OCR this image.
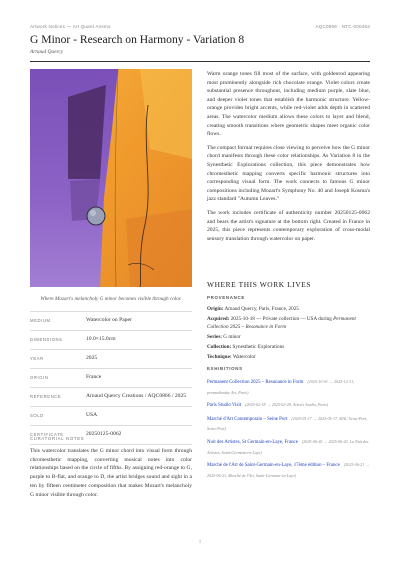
Artwork Notices — Art Quant Ansmo	AQC0866 · NTC-000463
G Minor - Research on Harmony - Variation 8
Arnaud Quercy
Where Mozart's melancholy G minor becomes visible through color.
MEDIUM	Watercolor on Paper
DIMENSIONS	10.0×15.0cm
YEAR	2025
ORIGIN	France
REFERENCE	Arnaud Quercy Creations / AQC0866 / 2025
SOLD	USA
CERTIFICATE	20250125-0062
CURATORIAL NOTES
This watercolor translates the G minor chord into visual form through chromesthetic mapping, converting musical notes into color relationships based on the circle of fifths. By assigning red-orange to G, purple to B-flat, and orange to D, the artist bridges sound and sight in a ten by fifteen centimeter composition that makes Mozart's melancholy G minor visible through color.

Warm orange tones fill most of the surface, with goldenrod appearing most prominently alongside rich chocolate orange. Violet colors create substantial presence throughout, including medium purple, slate blue, and deeper violet tones that establish the harmonic structure. Yellow-orange provides bright accents, while red-violet adds depth in scattered areas. The watercolor medium allows these colors to layer and blend, creating smooth transitions where geometric shapes meet organic color flows.

The compact format requires close viewing to perceive how the G minor chord manifests through these color relationships. As Variation 8 in the Synesthetic Explorations collection, this piece demonstrates how chromesthetic mapping converts specific harmonic structures into corresponding visual form. The work connects to famous G minor compositions including Mozart's Symphony No. 40 and Joseph Kosma's jazz standard "Autumn Leaves."

The work includes certificate of authenticity number 20250125-0062 and bears the artist's signature at the bottom right. Created in France in 2025, this piece represents contemporary exploration of cross-modal sensory translation through watercolor on paper.

WHERE THIS WORK LIVES
PROVENANCE
Origin: Arnaud Quercy, Paris, France, 2025
Acquired: 2025-10-18 — Private collection — USA during Permanent Collection 2025 – Resonance in Form
Series: G minor
Collection: Synesthetic Explorations
Technique: Watercolor
EXHIBITIONS
Permanent Collection 2025 – Resonance in Form (2025-10-01 → 2025-12-31, permadiantity Art, Paris)
Paris Studio Visit (2025-02-18 → 2025-02-28, Artist's Studio, Paris)
Marché d'Art Contemporain – Seine Port (2025-05-17 → 2025-05-17, MAC Seine-Port, Seine-Port)
Nuit des Artistes, St Germain-en-Laye, France (2025-06-20 → 2025-06-20, La Nuit des Artistes, Saint-Germain-en-Laye)
Marché de l'Art de Saint-Germain-en-Laye, 17ème édition – France (2025-06-21 → 2025-06-21, Marché de l'Art, Saint-Germain-en-Laye)
1
